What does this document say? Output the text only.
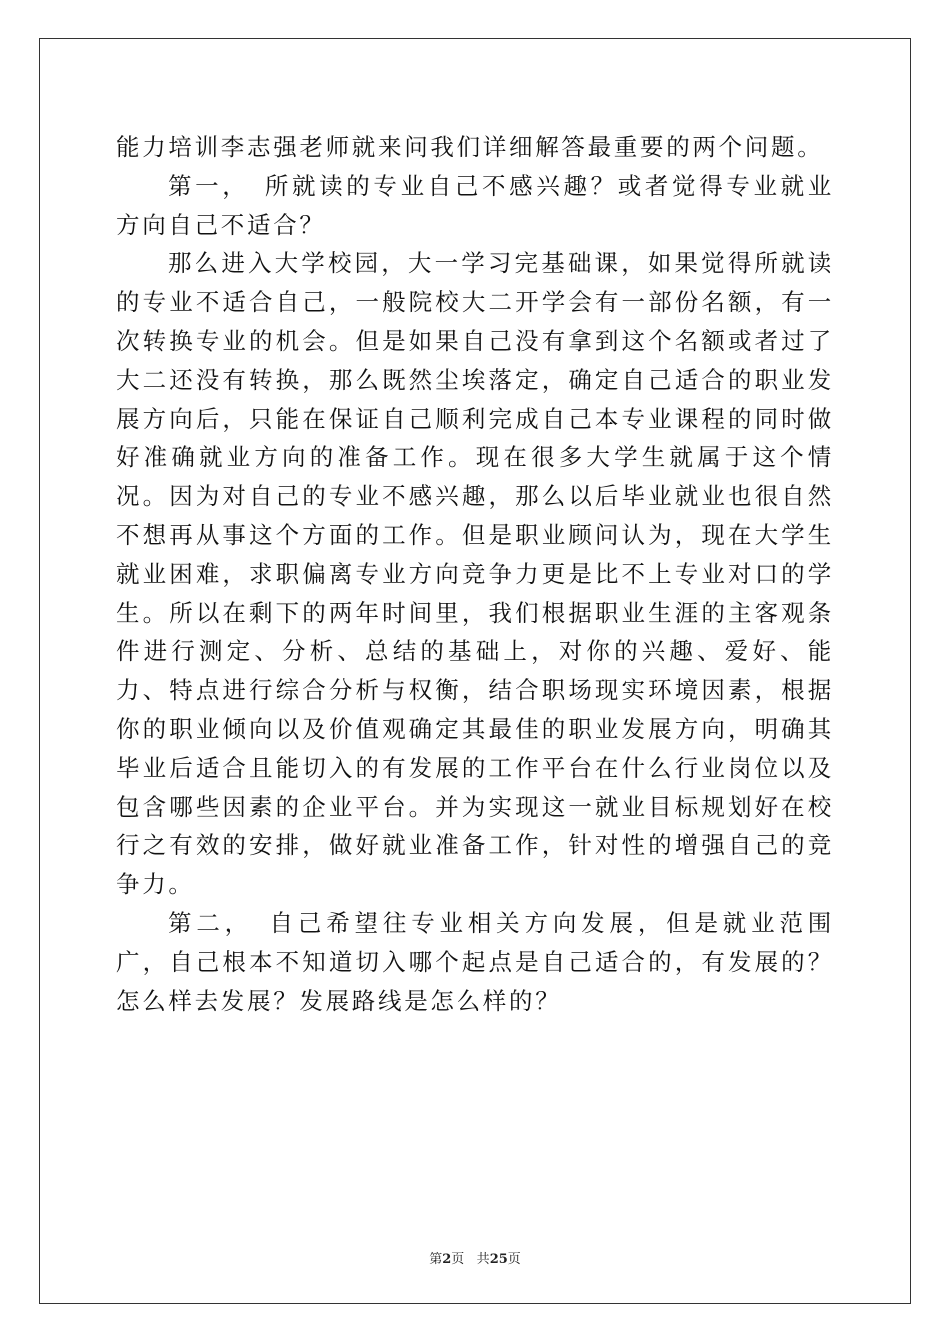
能力培训李志强老师就来问我们详细解答最重要的两个问题。

第一，　所就读的专业自己不感兴趣？或者觉得专业就业方向自己不适合？

那么进入大学校园，大一学习完基础课，如果觉得所就读的专业不适合自己，一般院校大二开学会有一部份名额，有一次转换专业的机会。但是如果自己没有拿到这个名额或者过了大二还没有转换，那么既然尘埃落定，确定自己适合的职业发展方向后，只能在保证自己顺利完成自己本专业课程的同时做好准确就业方向的准备工作。现在很多大学生就属于这个情况。因为对自己的专业不感兴趣，那么以后毕业就业也很自然不想再从事这个方面的工作。但是职业顾问认为，现在大学生就业困难，求职偏离专业方向竞争力更是比不上专业对口的学生。所以在剩下的两年时间里，我们根据职业生涯的主客观条件进行测定、分析、总结的基础上，对你的兴趣、爱好、能力、特点进行综合分析与权衡，结合职场现实环境因素，根据你的职业倾向以及价值观确定其最佳的职业发展方向，明确其毕业后适合且能切入的有发展的工作平台在什么行业岗位以及包含哪些因素的企业平台。并为实现这一就业目标规划好在校行之有效的安排，做好就业准备工作，针对性的增强自己的竞争力。

第二，　自己希望往专业相关方向发展，但是就业范围广，自己根本不知道切入哪个起点是自己适合的，有发展的？怎么样去发展？发展路线是怎么样的？

第2页 共25页
